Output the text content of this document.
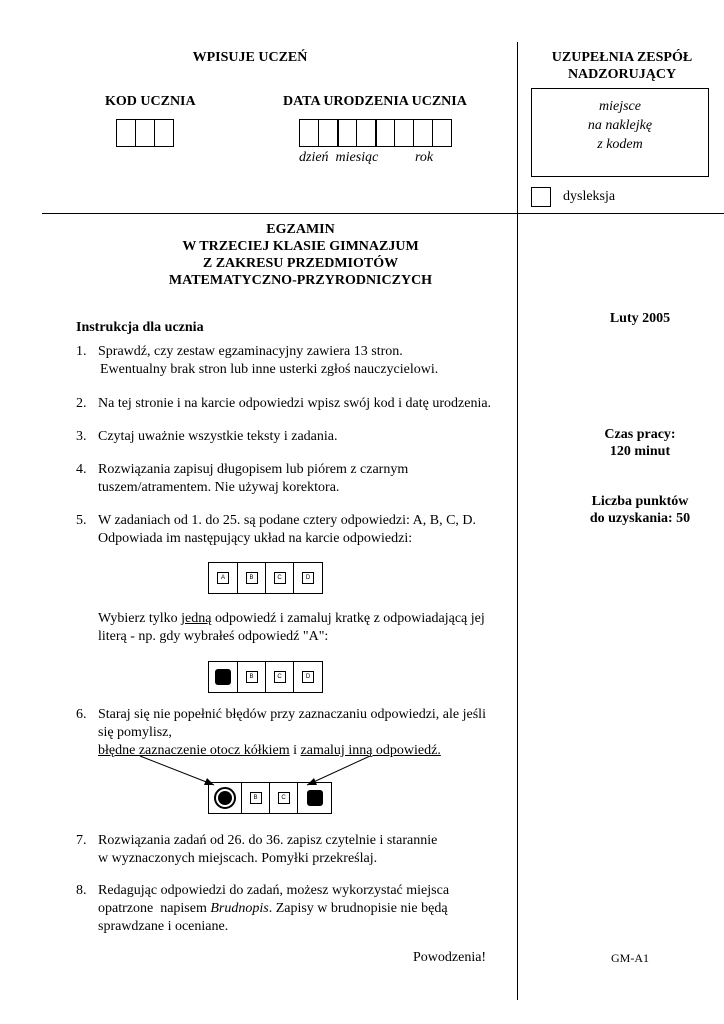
WPISUJE UCZEŃ
KOD UCZNIA	DATA URODZENIA UCZNIA
dzień  miesiąc	rok
UZUPEŁNIA ZESPÓŁ
NADZORUJĄCY
miejsce
na naklejkę
z kodem
dysleksja
EGZAMIN
W TRZECIEJ KLASIE GIMNAZJUM
Z ZAKRESU PRZEDMIOTÓW
MATEMATYCZNO-PRZYRODNICZYCH
Luty 2005
Czas pracy:
120 minut
Liczba punktów
do uzyskania: 50
GM-A1
Instrukcja dla ucznia
1. Sprawdź, czy zestaw egzaminacyjny zawiera 13 stron.
Ewentualny brak stron lub inne usterki zgłoś nauczycielowi.
2. Na tej stronie i na karcie odpowiedzi wpisz swój kod i datę urodzenia.
3. Czytaj uważnie wszystkie teksty i zadania.
4. Rozwiązania zapisuj długopisem lub piórem z czarnym
tuszem/atramentem. Nie używaj korektora.
5. W zadaniach od 1. do 25. są podane cztery odpowiedzi: A, B, C, D.
Odpowiada im następujący układ na karcie odpowiedzi:
A	B	C	D
Wybierz tylko jedną odpowiedź i zamaluj kratkę z odpowiadającą jej
literą - np. gdy wybrałeś odpowiedź "A":
B	C	D
6. Staraj się nie popełnić błędów przy zaznaczaniu odpowiedzi, ale jeśli
się pomylisz,
błędne zaznaczenie otocz kółkiem i zamaluj inną odpowiedź.
B	C
7. Rozwiązania zadań od 26. do 36. zapisz czytelnie i starannie
w wyznaczonych miejscach. Pomyłki przekreślaj.
8. Redagując odpowiedzi do zadań, możesz wykorzystać miejsca
opatrzone  napisem Brudnopis. Zapisy w brudnopisie nie będą
sprawdzane i oceniane.
Powodzenia!
